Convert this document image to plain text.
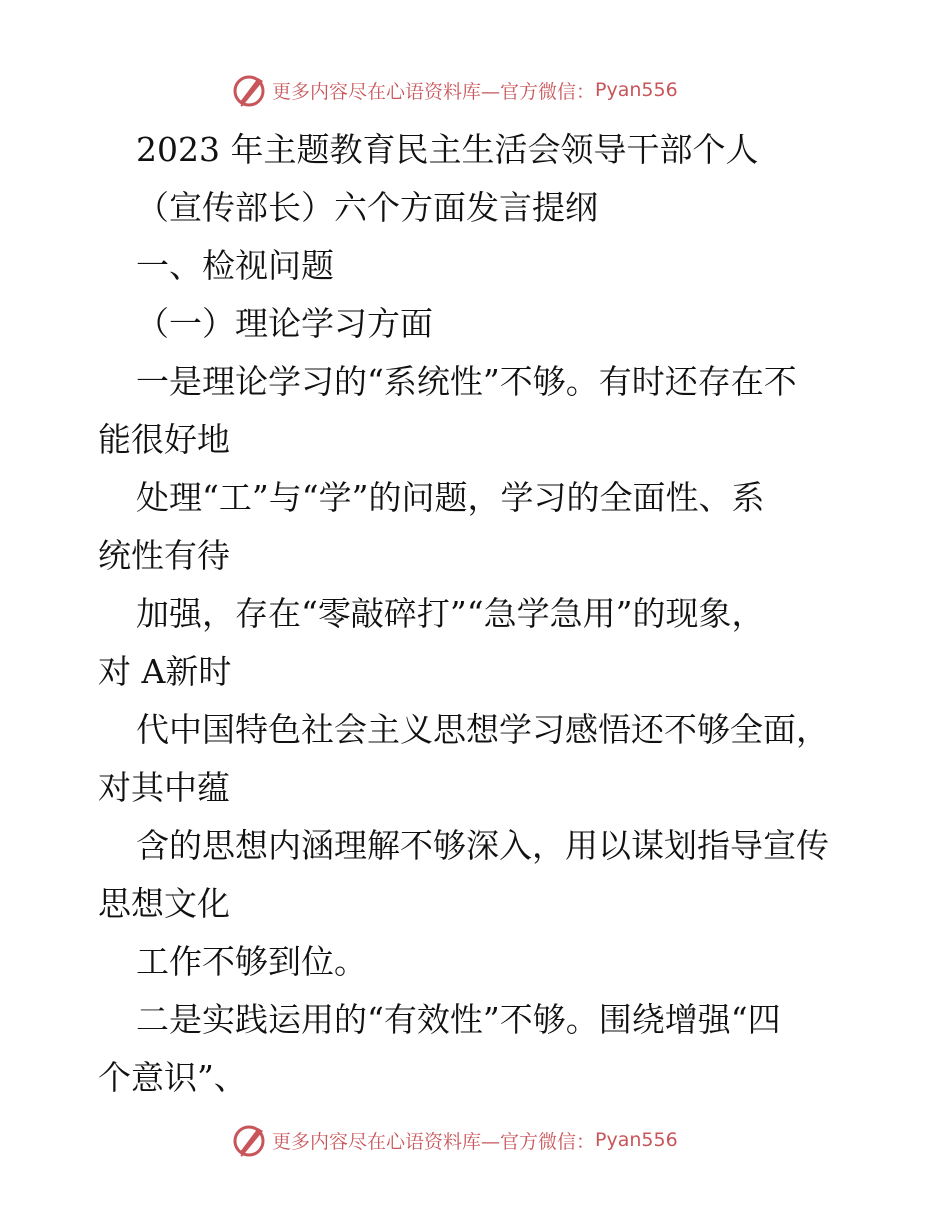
更多内容尽在心语资料库—官方微信： Pyan556

2023 年主题教育民主生活会领导干部个人

（宣传部长）六个方面发言提纲

一、检视问题

（一）理论学习方面

一是理论学习的“系统性”不够。有时还存在不

能很好地

处理“工”与“学”的问题，学习的全面性、系

统性有待

加强，存在“零敲碎打”“急学急用”的现象，

对 A新时

代中国特色社会主义思想学习感悟还不够全面，

对其中蕴

含的思想内涵理解不够深入，用以谋划指导宣传

思想文化

工作不够到位。

二是实践运用的“有效性”不够。围绕增强“四

个意识”、

更多内容尽在心语资料库—官方微信： Pyan556
